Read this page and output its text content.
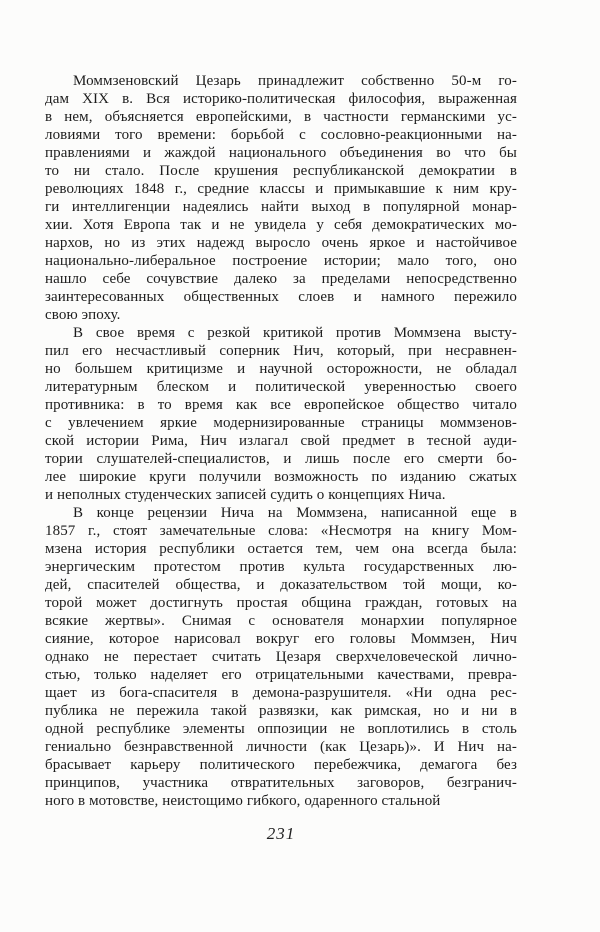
Моммзеновский Цезарь принадлежит собственно 50-м го-
дам XIX в. Вся историко-политическая философия, выраженная
в нем, объясняется европейскими, в частности германскими ус-
ловиями того времени: борьбой с сословно-реакционными на-
правлениями и жаждой национального объединения во что бы
то ни стало. После крушения республиканской демократии в
революциях 1848 г., средние классы и примыкавшие к ним кру-
ги интеллигенции надеялись найти выход в популярной монар-
хии. Хотя Европа так и не увидела у себя демократических мо-
нархов, но из этих надежд выросло очень яркое и настойчивое
национально-либеральное построение истории; мало того, оно
нашло себе сочувствие далеко за пределами непосредственно
заинтересованных общественных слоев и намного пережило
свою эпоху.
В свое время с резкой критикой против Моммзена высту-
пил его несчастливый соперник Нич, который, при несравнен-
но большем критицизме и научной осторожности, не обладал
литературным блеском и политической уверенностью своего
противника: в то время как все европейское общество читало
с увлечением яркие модернизированные страницы моммзенов-
ской истории Рима, Нич излагал свой предмет в тесной ауди-
тории слушателей-специалистов, и лишь после его смерти бо-
лее широкие круги получили возможность по изданию сжатых
и неполных студенческих записей судить о концепциях Нича.
В конце рецензии Нича на Моммзена, написанной еще в
1857 г., стоят замечательные слова: «Несмотря на книгу Мом-
мзена история республики остается тем, чем она всегда была:
энергическим протестом против культа государственных лю-
дей, спасителей общества, и доказательством той мощи, ко-
торой может достигнуть простая община граждан, готовых на
всякие жертвы». Снимая с основателя монархии популярное
сияние, которое нарисовал вокруг его головы Моммзен, Нич
однако не перестает считать Цезаря сверхчеловеческой лично-
стью, только наделяет его отрицательными качествами, превра-
щает из бога-спасителя в демона-разрушителя. «Ни одна рес-
публика не пережила такой развязки, как римская, но и ни в
одной республике элементы оппозиции не воплотились в столь
гениально безнравственной личности (как Цезарь)». И Нич на-
брасывает карьеру политического перебежчика, демагога без
принципов, участника отвратительных заговоров, безгранич-
ного в мотовстве, неистощимо гибкого, одаренного стальной
231
